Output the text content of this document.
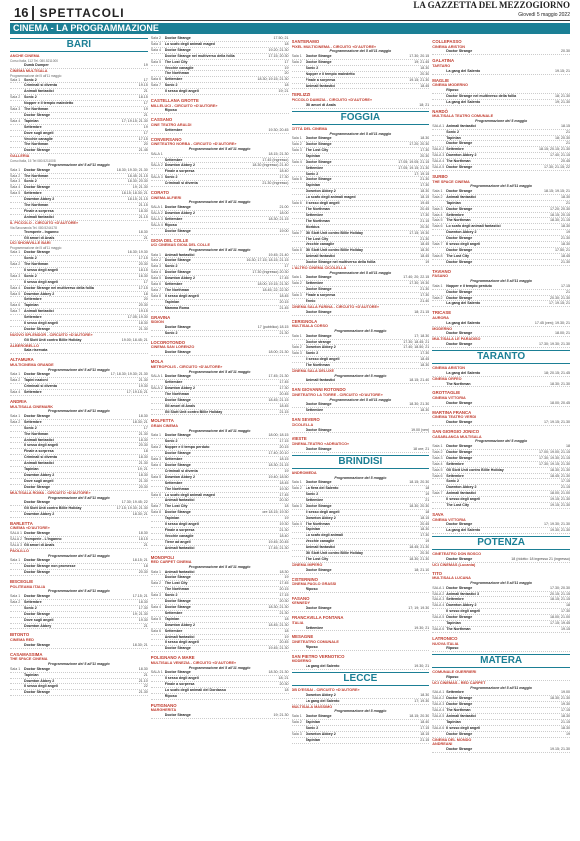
16 SPETTACOLI
LA GAZZETTA DEL MEZZOGIORNO
Giovedì 5 maggio 2022
CINEMA - LA PROGRAMMAZIONE
BARI
ANCHE CINEMA
Corso Italia, 112 Tel. 080.5211000
Dumb Dumper	19
CINEMA MULTISALA
Programmazione del 5 all'11 maggio
Sala 1	Sonic 2	17
Criminali si diventa	19.15
Animali fantastici	21
Sala 2	Sonic 2	18.15
Nopper e il tempio maledetto	17
Sala 3	The Northman	19
Doctor Strange	21
Sala 4	Tapinlan	17; 19.15; 21.30
Settembre	19
Dove sugli angeli	17
Vecchie canaglie	17.15
The Northman	20
Doctor Strange	21.45
GALLERIA
Corso Italia, 15 Tel 080.5211008
Programmazione del 5 all'11 maggio
Sala 1	Doctor Strange	18.30; 19.30; 21.30
Sala 2	The Northman	18.45; 21.15
Sala 3	Sonic 2	18.30; 20.30
Sala 4	Doctor Strange	19; 21.30
Sala 5	Settembre	18.15; 18.30; 21
Downton Abbey 2	18.15; 21.15
The Northman	21.15
Finale a sorpresa	18.30
Animali fantastici	21.15
IL PICCOLO - CIRCUITO «D'AUTORE»
Via Savonarola Tel. 080.5244178
Tromperie - Inganno	18.30
Gli amori di Anaïs	21
UCI SHOWVILLE BARI
Programmazione del 5 all'11 maggio
Sala 1	Doctor Strange	16.30; 19.30
Sonic 2	17.15
Sala 2	The Northman	20.30
Il sesso degli angeli	18.15
Sala 3	Sonic 2	16.30
Il sesso degli angeli	17
Sala 4	Doctor Strange nel multiverso della follia	17.15
Sala 5	Downton Abbey 2	18
Settembre	20
Sala 6	Tapinlan	20.30
Sala 7	Animali fantastici	19.15
Settembre	17.05; 19.30
Il sesso degli angeli	18.30
Doctor Strange	21.30
NUOVO SPLENDOR - CIRCUITO «D'AUTORE»
Gli Slott Unit contro Billie Holiday	19.00; 18.45; 21
ALBEROBELLO
Sala riservata
ALTAMURA
MULTICINEMA GRANDE
Programmazione del 5 all'11 maggio
Sala 1	Doctor Strange	17; 18.30; 19.30; 21.30
Sala 2	Tapini nazioni	21.30
Criminali si diventa	19.30
Sala 4	Settembre	17; 19.15; 21
ANDRIA
MULTISALA CINEMARK
Programmazione del 5 all'11 maggio
Sala 1	Doctor Strange	18.30
Sala 2	Settembre	18.30; 21
Sonic 2	17
The Northman	21.30
Animali fantastici	18.30
Il sesso degli angeli	20.30
Finale a sorpresa	18
Criminali si diventa	18.30
Animali fantastici	21.30
Tapinlan	19; 21
Downton Abbey 2	18.30
Dove sugli angeli	21.30
Doctor Strange	20.30
MULTISALA ROMA - CIRCUITO «D'AUTORE»
Programmazione del 5 all'11 maggio
Doctor Strange	17.30; 19.45; 22
Gli Slott Unit contro Billie Holiday	17.15; 19.30; 21.30
Downton Abbey 2	18.30; 21
BARLETTA
CINEMA «D'AUTORE»
SALA 1 Doctor Strange	18.30
SALA 2 Tromperie - L'Inganno	18.15
SALA 3 Gli amori di Anaïs	21
PAOLILLO
Programmazione del 5 all'11 maggio
Sala 1	Doctor Strange	18.15; 21
Doctor Strange non promesse	18
Doctor Strange	20.30
BISCEGLIE
POLITEAMA ITALIA
Programmazione del 5 all'11 maggio
Sala 1	Doctor Strange	17.15; 21
Sala 2	Settembre	18.30
Sonic 2	17.30
Doctor Strange	19; 21.30
Dove sugli angeli	19.30
Downton Abbey	21
BITONTO
CINEMA RED
Doctor Strange	18.30; 21
CASAMASSIMA
THE SPACE CINEMA
Programmazione del 5 all'11 maggio
Sala 1	Doctor Strange	18.30
Tapinlan	21
Downton Abbey 2	21.10
Il sesso degli angeli	22
Doctor Strange	21.30
Sala 2	Doctor Strange	17.50; 21
Sala 3	Lo scafo degli animali maged	18
Sala 4	Doctor Strange	19.20; 21.30
Doctor Strange nel multiverso della follia	17.15; 20.30
Sala 5	The Lost City	17
Vecchie canaglie	19
The Northman	20
Sala 6	Settembre	18.30; 19.15; 21.30
Sala 7	Sonic 2	18
Il sesso degli angeli	19; 21
CASTELLANA GROTTE
MILLELUCI - CIRCUITO «D'AUTORE»
Riposo
CASSANO
CINE TEATRO ARALDI
Settembre	19.30; 20.45
CONVERSANO
CINETEATRO NORBA - CIRCUITO «D'AUTORE»
Programmazione del 5 all'11 maggio
SALA 1	18.15; 21.30
Settembre	17.45 (Ingresso)
SALA 2 Downton Abbey 2	18.30 (Ingresso) 21.40
Finale a sorpresa	18.40
SALA 3 Sonic 2	17.30
Criminali si diventa	21.30 (Ingresso)
CORATO
CINEMA ALFIERI
Programmazione del 5 all'11 maggio
SALA 1 Doctor Strange	21.00
SALA 2 Downton Abbey 2	18.00
SALA 3 Settembre	18.30; 21.15
SALA 4 Riposo
Doctor Strange	19.00
GIOIA DEL COLLE
UCI CINEMAS GIOIA DEL COLLE
Programmazione del 5 all'11 maggio
Sala 1	Animali fantastici	19.45; 21.40
Sala 2	Doctor Strange	16.30; 17.15; 18.15; 21.15
Sala 3	Sonic 2	17
Sala 4	Doctor Strange	17.30 (Ingresso) 20.30
Sala 5	Downton Abbey 2	17.45
Sala 6	Settembre	18.00; 19.15; 21.30
Sala 7	The Northman	18.45; 22; 22.30
Sala 8	Il sesso degli angeli	18.45
Tapinlan	20.15
Mamma Roma	21.45
GRAVINA
SIDION
Doctor Strange	17 (pubblico) 18.15
Sonic 2	21.30
LOCOROTONDO
CINEMA SAN LORENZO
Doctor Strange	18.00; 21.30
MOLA
METROPOLIS - CIRCUITO «D'AUTORE»
Programmazione del 5 all'11 maggio
SALA 1 Doctor Strange	17.45; 21.30
Settembre	17.45
SALA 2 Downton Abbey 2	17.30
The Northman	20.45
Doctor Strange	18.45; 21.15
Gli amori di Anaïs	18.45
Gli Slott Unit contro Billie Holiday	21.15
MOLFETTA
GRAN CINEMA
Programmazione del 5 all'11 maggio
Sala 1	Doctor Strange	18.00; 18.15
Sonic 2	17.15
Sala 2	Nopper e il tempo perduto	20.15
Doctor Strange	17.40; 20.10
Sala 3	Settembre	18.15
Sala 4	Doctor Strange	18.30; 21.15
Criminali si diventa	19
Sala 5	Downton Abbey 2	19.40; 18.50
Settembre	18.45
The Northman	19.30
Sala 6	Lo scafo degli animali maged	17.45
Animali fantastici	20.30
Sala 7	The Lost City	18
Sala 8	Doctor Strange	ore 18.15; 19.30
Tapinlan	19
Il sesso degli angeli	19.30
Finale a sorpresa	21.30
Vecchie canaglie	18.40
Tiene ad angeli	19.45; 20.45
Animali fantastici	17.45; 21.30
MONOPOLI
RED CARPET CINEMA
Programmazione del 5 all'11 maggio
Sala 1	Animali fantastici	18.30
Doctor Strange	19
Sala 2	The Lost City	17.45
The Northman	20.15
Sala 3	Sonic 2	17.15
Doctor Strange	20.30
Sala 4	Doctor Strange	18.30; 21.30
Settembre	21.30
Sala 5	Tapinlan	18
Downton Abbey 2	18.45; 21.30
Sala 6	Settembre	18
Animali fantastici	19
Il sesso degli angeli	20.45
Doctor Strange	19.45; 21.30
POLIGNANO A MARE
MULTISALA VENEZIA - CIRCUITO «D'AUTORE»
Programmazione del 5 all'11 maggio
SALA 1 Doctor Strange	18.30; 21.30
Il sesso degli angeli	18; 21
Finale a sorpresa	20.30
Lo scafo degli animali del Dordasso	18
Riposo
PUTIGNANO
MARGHERITA
Doctor Strange	19; 21.30
SANTERAMO
PIXEL MULTICINEMA - CIRCUITO «D'AUTORE»
Programmazione del 5 all'11 maggio
Sala 1	Doctor Strange	17.30; 20.15
Sala 2	Doctor Strange	19; 21.45
Sonic 2	18.30
Nopper e il tempio maledetto	20.30
Finale a sorpresa	19.15; 21.30
Animali fantastici	18.45
TERLIZZI
PICCOLO DAMIZIA - CIRCUITO «D'AUTORE»
Gli amori di Anaïs	18; 21
FOGGIA
CITTÀ DEL CINEMA
Programmazione del 5 all'11 maggio
Sala 1	Doctor Strange	18.30
Sala 2	Doctor Strange	17.20; 20.30
Sala 3	The Lost City	17.30
Tapinlan	20.30
Sala 4	Doctor Strange	17.05; 19.05; 21.15
Settembre	17.05; 19.15; 21.30
Sonic 2	17; 19.15
Sala 5	Doctor Strange	21.30
Tapinlan	17.30
Downton Abbey 2	18.30
Lo scafo degli animali maged	18.15
Sala 6	Il sesso degli angeli	19.45
The Northman	20.45
Settembre	17.30
The Northman	21.15
Morbius	20.30
Sala 7	Gli Slott Unit contro Billie Holiday	17.15; 19.30
The Lost City	21.30
Vecchie canaglie	18.45
Sala 8	Gli Slott Unit contro Billie Holiday	18.30
Animali fantastici	18.45
Doctor Strange nel multiverso della follia	19
L'ALTRO CINEMA CICOLELLA
Programmazione del 5 all'11 maggio
Sala 1	Doctor Strange	17.40; 20; 22.15
Sala 2	Settembre	17.30; 19.30
Doctor Strange	21.30
Sala 3	Finale a sorpresa	17.30
Ennio	21.40
CINEMA SALA FARINA - CIRCUITO «D'AUTORE»
Doctor Strange	18; 21.15
CERIGNOLA
MULTISALA CORSO
Programmazione del 5 maggio
Sala 1	Doctor Strange	17; 18.30
Doctor strange	17.30; 18.45; 21
Sala 2	Downton Abbey 2	17.40; 18.50; 21
Sala 3	Sonic 2	17.30
Il sesso degli angeli	18.45
The Northman	18.30
CINEMA SALA DELUXE
Programmazione del 5 maggio
Animali fantastici	18.15; 21.40
SAN GIOVANNI ROTONDO
CINETEATRO LA TORRE - CIRCUITO «D'AUTORE»
Programmazione del 5 all'11 maggio
Doctor Strange	18.30; 21.30
Settembre	18.30
SAN SEVERO
CICOLELLA
Doctor Strange	19.00 (ven)
VIESTE
CINEMA-TEATRO «ADRIATICO»
Doctor Strange	18 ore; 21
BRINDISI
ANDROMEDA
Programmazione del 5 maggio
Sala 1	Doctor Strange	18.15; 20.30
Sala 2	La fiera del Salento	18
Sonic 2	19
Settembre	21
Sala 3	Doctor Strange	18.30; 20.30
Il sesso degli angeli	18
Downton Abbey 2	18.15
Sala 4	The Northman	20.45
Tapinlan	18.30
Lo scafo degli animali	17.30
Vecchie canaglie	19
Animali fantastici	18.45; 21.30
Gli Slott Unit contro Billie Holiday	20.30
The Lost City	18.30; 21.30
CINEMA IMPERO
Doctor Strange	18; 21.10
CISTERNINO
CINEMA PAOLO GRASSI
Riposo
FASANO
KENNEDY
Doctor Strange	17; 19; 19.30
FRANCAVILLA FONTANA
ITALIA
Settembre	19.30; 21
MESAGNE
CINETEATRO COMUNALE
Riposo
SAN PIETRO VERNOTICO
MODERNO
La gang del Salento	19.30; 21
LECCE
DB D'ESSAI - CIRCUITO «D'AUTORE»
Downton Abbey 2	18.30
La gang del Salento	17; 19.30
MULTISALA MASSIMO
Programmazione del 5 maggio
Sala 1	Doctor Strange	18.15; 20.30
Sala 2	Tapinlan	18.40
Sonic 2	17.15
Sala 3	Downton Abbey 2	18.15
Tapinlan	21.15
COLLEPASSO
CINEMA ARISTON
Doctor Strange	20.30
GALATINA
TARTARO
La gang del Salento	19.15; 21
MAGLIE
CINEMA MODERNO
Riposo
Doctor Strange nel multiverso della follia	18; 21.30
La gang del Salento	19; 21.30
NARDÒ
MULTISALA TEATRO COMUNALE
Programmazione del 5 maggio
SALA 1 Animali fantastici	18.15
Sonic 2	21
Tapinlan	18; 20.30
Doctor Strange	21
SALA 2 Settembre	18.15; 20.15; 21.30
SALA 3 Downton Abbey 2	17.40; 21.15
SALA 4 The Northman	20.45
SALA 5 Doctor Strange	17.30; 21.15; 22
SURBO
THE SPACE CINEMA
Programmazione del 5 all'11 maggio
Sala 1	Doctor Strange	18.15; 19.15; 21
Sala 2	Animali fantastici	18.30
Tapinlan	21
Sala 3	Doctor Strange	17.20; 20.30
Sala 4	Settembre	18.15; 20.15
Sala 5	The Northman	18.30; 21.15
Sala 6	Lo scafo degli animali fantastici	18.30
Downton Abbey 2	19
Doctor Strange	21.30
Sala 7	Il sesso degli angeli	18.30
Doctor Strange	17.50; 21
Sala 8	The Lost City	18.45
Doctor Strange	21.30
TAVIANO
FASANO
Programmazione del 5 all'11 maggio
Sala 1	Nopper e il tempio perduto	17.15
Doctor Strange	21
Sala 2	Doctor Strange	20.30; 21.30
La gang del Salento	17; 19.15; 21
TRICASE
AURORA
La gang del Salento	17.45 (ven); 19.30; 21
MODERNO
Doctor Strange	18.00; 21
MULTISALA LE PARADISO
Doctor Strange	17.30; 19.30; 21.30
TARANTO
CINEMA ARISTON
La gang del Salento	18; 20.15; 21.45
CINEMA ORFEO
The Northman	18.30; 21.30
GROTTAGLIE
CINEMA VITTORIA
Doctor Strange	18.00; 20.45
MARTINA FRANCA
CINEMA TEATRO VERDI
Doctor Strange	17; 19.15; 21.30
SAN GIORGIO JONICO
CASABLANCA MULTISALA
Programmazione del 5 maggio
Sala 1	Doctor Strange	18
Sala 2	Doctor Strange	17.00; 19.00; 21.15
Sala 3	Doctor Strange	17.30; 19.30; 21.15
Sala 4	Settembre	17.30; 19.15; 21.30
Sala 5	Gli Slott Unit contro Billie Holiday	18.30; 21.30
Sala 6	Settembre	18.45; 21.30
Sonic 2	17.15
Downton Abbey 2	21.15
Sala 7	Animali fantastici	18.00; 21.00
Il sesso degli angeli	19.15; 21.30
The Lost City	19.15; 21.30
SAVA
CINEMA VITTORIA
Doctor Strange	17; 19.30; 21.30
La gang del Salento	19.30; 21.30
POTENZA
CINETEATRO DON BOSCO
Doctor Strange	18 (ridotto: 18 ingresso 21 (ingresso)
UCI CINEMAS (Lucania)
TITO
MULTISALA LUCANA
Programmazione del 5 all'11 maggio
SALA 1 Doctor Strange	17.30; 20.30
SALA 2 Animali fantastici 3	20.15; 21.15
SALA 3 Settembre	18.15; 21.15
SALA 4 Downton Abbey 2	18
Il sesso degli angeli	17.30
SALA 5 Doctor Strange	18.00; 21.00
Tapinlan	17.15; 19.45
SALA 6 The Northman	19.15
LATRONICO
NUOVA ITALIA
Riposo
MATERA
COMUNALE GUERRIERI
Riposo
UCI CINEMAS - RED CARPET
Programmazione del 5 all'11 maggio
SALA 1 Settembre	19.00
SALA 2 Doctor Strange	18.30; 21.30
SALA 3 Doctor Strange	19.30
SALA 4 The Northman	17.15
SALA 5 Animali fantastici	18.30
Tapinlan	21.15
SALA 6 Il sesso degli angeli	18.30
Doctor Strange	19
CINEMA DEL MONDO
ANDREANI
Doctor Strange	19.15; 21.30
